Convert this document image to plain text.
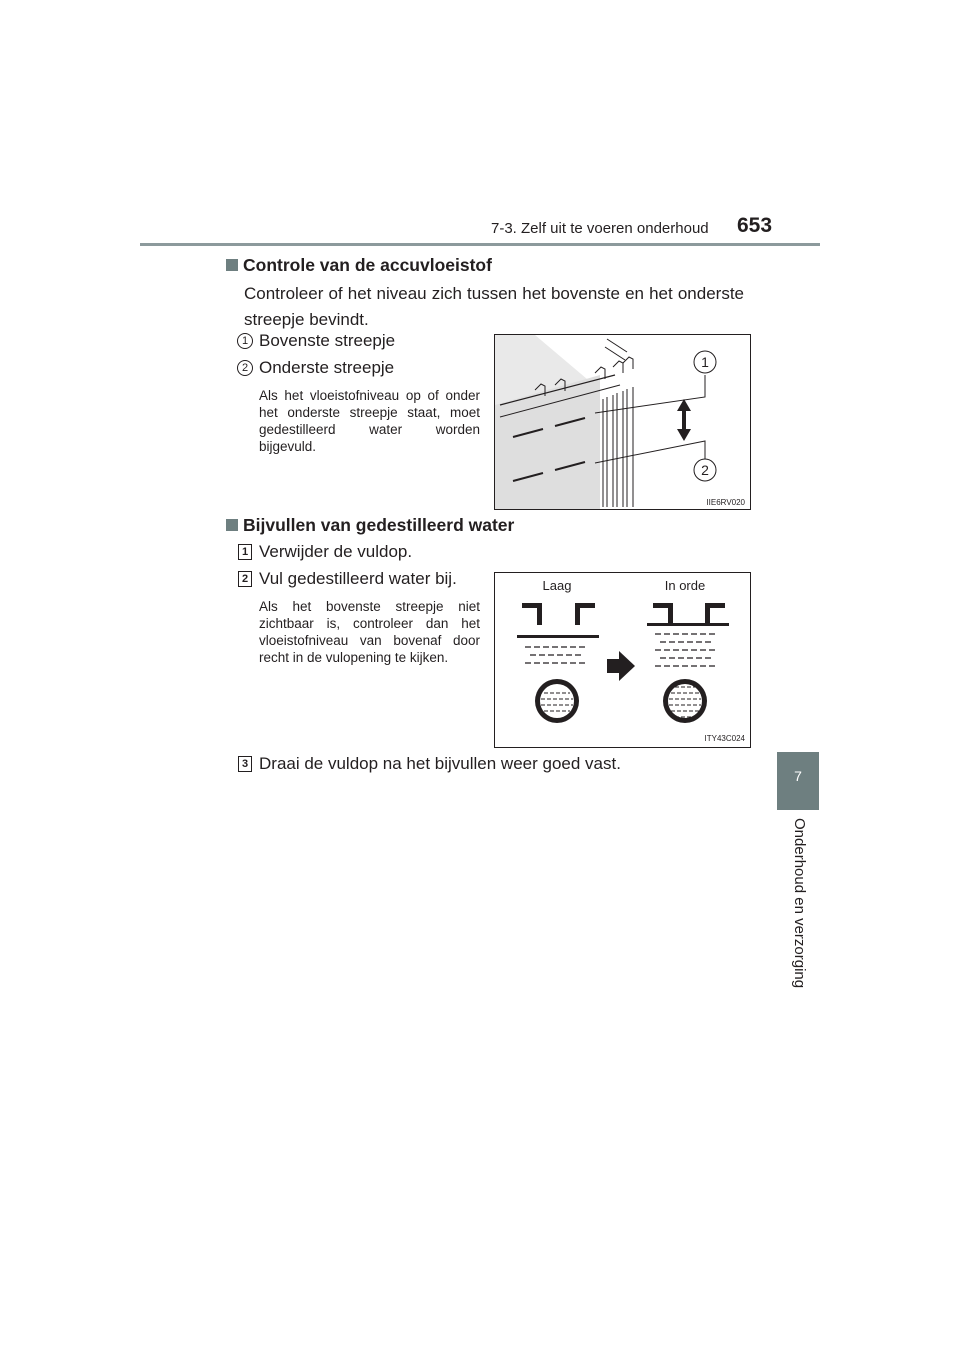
7-3. Zelf uit te voeren onderhoud 653
7
Onderhoud en verzorging
Controle van de accuvloeistof
Controleer of het niveau zich tussen het bovenste en het onderste streepje bevindt.
1 Bovenste streepje
2 Onderste streepje
Als het vloeistofniveau op of onder het onderste streepje staat, moet gedestilleerd water worden bijgevuld.
1
2
IIE6RV020
Bijvullen van gedestilleerd water
1 Verwijder de vuldop.
2 Vul gedestilleerd water bij.
Als het bovenste streepje niet zichtbaar is, controleer dan het vloeistofniveau van bovenaf door recht in de vulopening te kijken.
Laag	In orde
ITY43C024
3 Draai de vuldop na het bijvullen weer goed vast.
